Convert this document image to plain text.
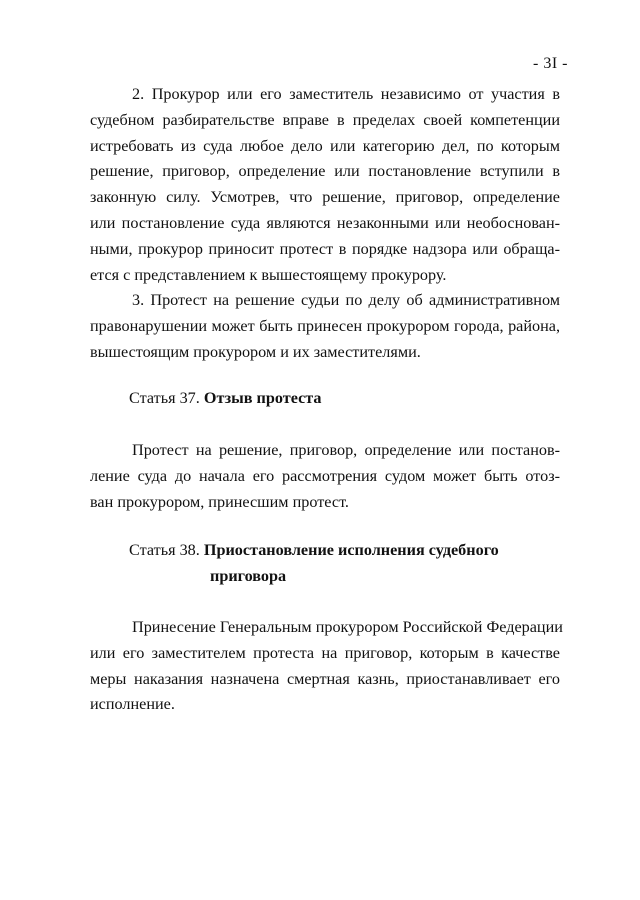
- 3I -
2. Прокурор или его заместитель независимо от участия в
судебном разбирательстве вправе в пределах своей компетенции
истребовать из суда любое дело или категорию дел, по которым
решение, приговор, определение или постановление вступили в
законную силу. Усмотрев, что решение, приговор, определение
или постановление суда являются незаконными или необоснован-
ными, прокурор приносит протест в порядке надзора или обраща-
ется с представлением к вышестоящему прокурору.
3. Протест на решение судьи по делу об административном
правонарушении может быть принесен прокурором города, района,
вышестоящим прокурором и их заместителями.
Статья 37. Отзыв протеста
Протест на решение, приговор, определение или постанов-
ление суда до начала его рассмотрения судом может быть отоз-
ван прокурором, принесшим протест.
Статья 38. Приостановление исполнения судебного
приговора
Принесение Генеральным прокурором Российской Федерации
или его заместителем протеста на приговор, которым в качестве
меры наказания назначена смертная казнь, приостанавливает его
исполнение.
